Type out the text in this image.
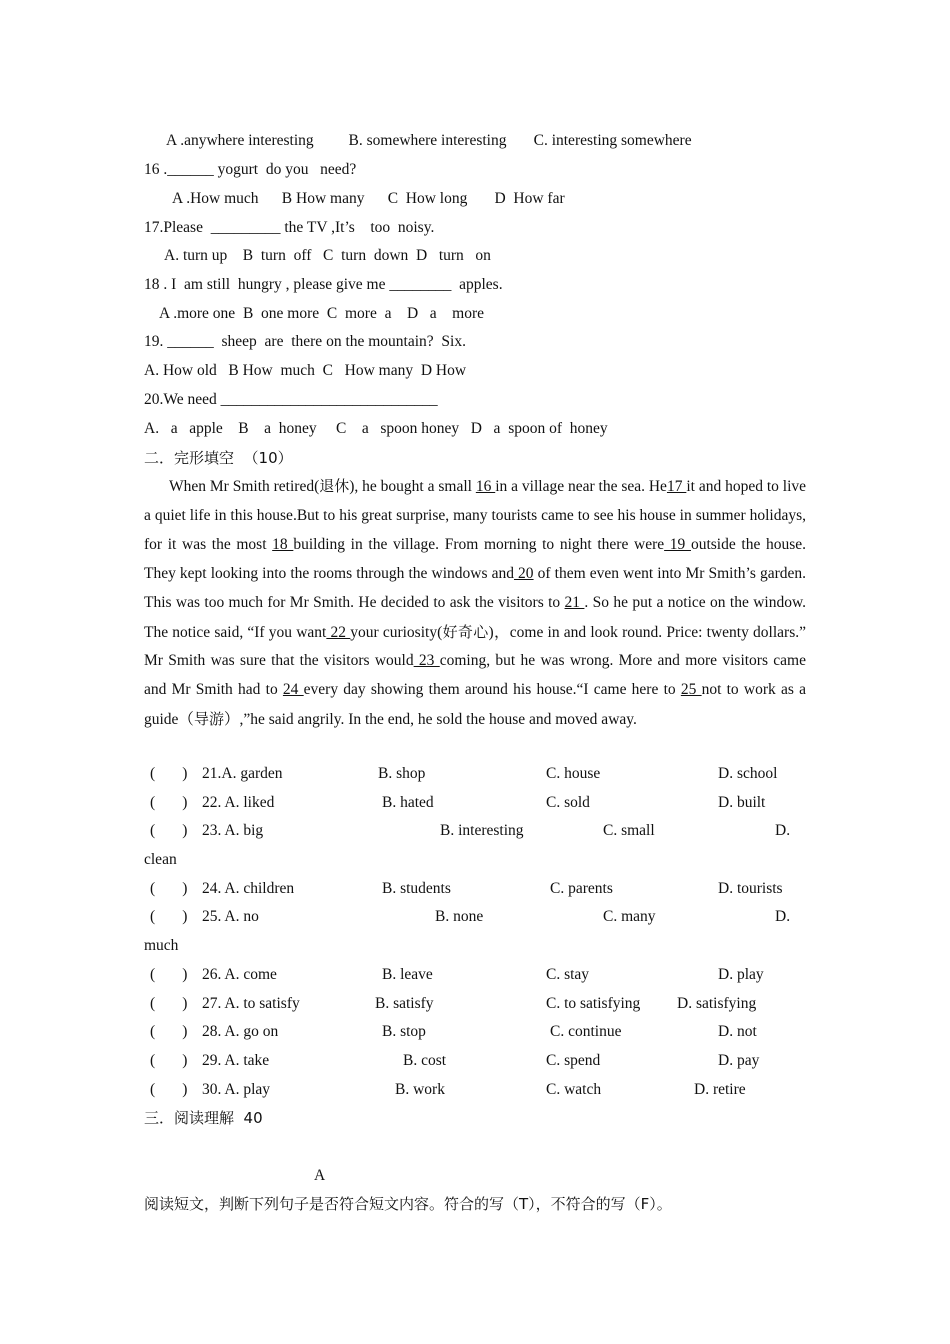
A .anywhere interesting         B. somewhere interesting       C. interesting somewhere
16 .______ yogurt  do you   need?
A .How much      B How many      C  How long       D  How far
17.Please  _________ the TV ,It’s    too  noisy.
A. turn up    B  turn  off   C  turn  down  D   turn   on
18 . I  am still  hungry , please give me ________  apples.
A .more one  B  one more  C  more  a    D   a    more
19. ______  sheep  are  there on the mountain?  Six.
A. How old   B How  much  C   How many  D How
20.We need ____________________________
A.   a   apple    B    a  honey     C    a   spoon honey   D   a  spoon of  honey
二．完形填空  （10）

When Mr Smith retired(退休), he bought a small 16 in a village near the sea. He17 it and hoped to live a quiet life in this house.But to his great surprise, many tourists came to see his house in summer holidays, for it was the most 18 building in the village. From morning to night there were 19 outside the house. They kept looking into the rooms through the windows and 20 of them even went into Mr Smith’s garden. This was too much for Mr Smith. He decided to ask the visitors to 21 . So he put a notice on the window. The notice said, “If you want 22 your curiosity(好奇心)，come in and look round. Price: twenty dollars.” Mr Smith was sure that the visitors would 23 coming, but he was wrong. More and more visitors came and Mr Smith had to 24 every day showing them around his house.“I came here to 25 not to work as a guide（导游）,”he said angrily. In the end, he sold the house and moved away.

(       ) 21.A. garden	B. shop	C. house	D. school
(       ) 22. A. liked	B. hated	C. sold	D. built
(       ) 23. A. big	B. interesting	C. small	D.
clean
(       ) 24. A. children	B. students	C. parents	D. tourists
(       ) 25. A. no	B. none	C. many	D.
much
(       ) 26. A. come	B. leave	C. stay	D. play
(       ) 27. A. to satisfy	B. satisfy	C. to satisfying D. satisfying
(       ) 28. A. go on	B. stop	C. continue	D. not
(       ) 29. A. take	B. cost	C. spend	D. pay
(       ) 30. A. play	B. work	C. watch	D. retire
三．阅读理解  40
A
阅读短文，判断下列句子是否符合短文内容。符合的写（T），不符合的写（F）。
